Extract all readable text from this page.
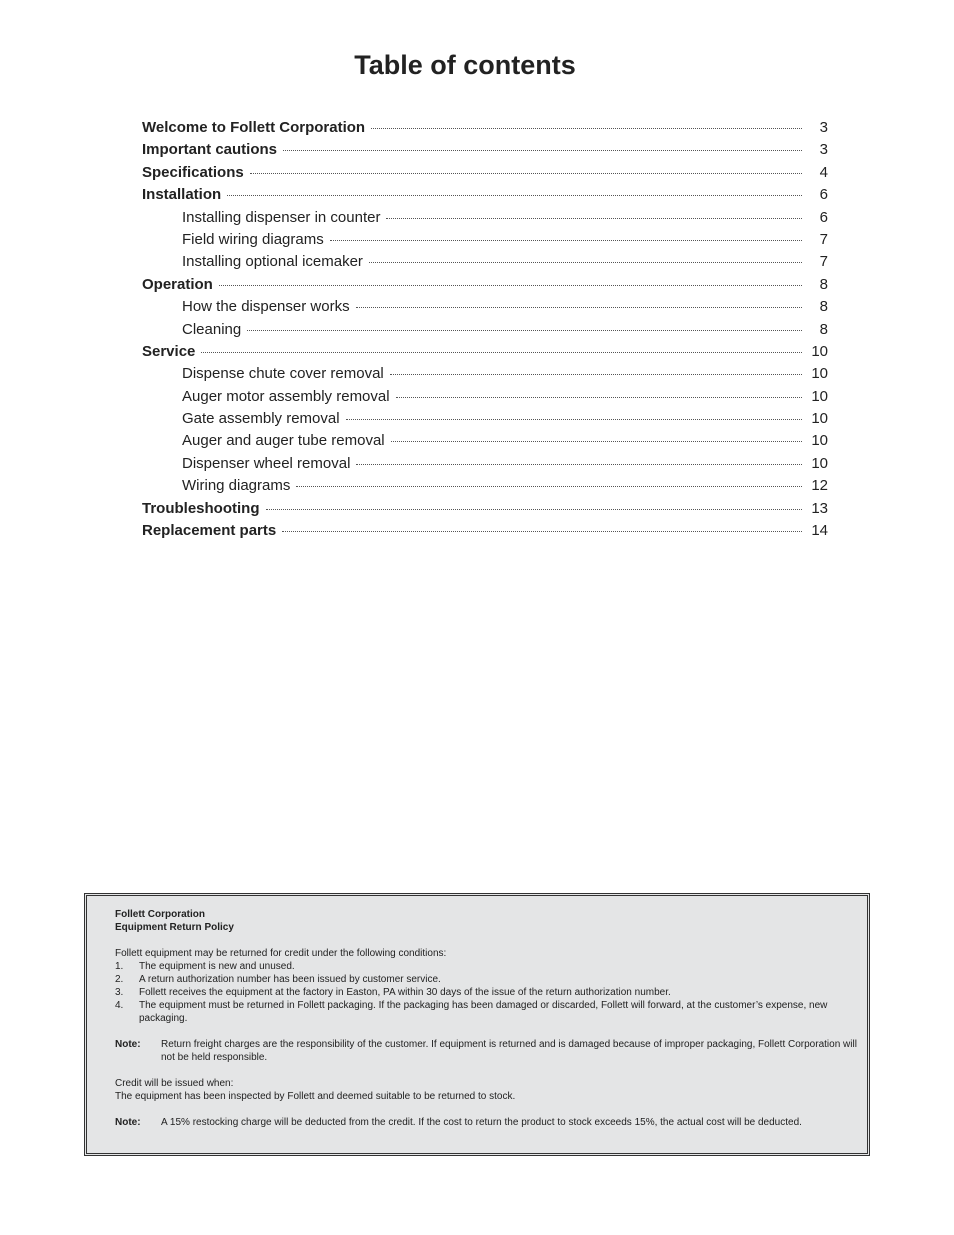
Table of contents
Welcome to Follett Corporation	3
Important cautions	3
Specifications	4
Installation	6
Installing dispenser in counter	6
Field wiring diagrams	7
Installing optional icemaker	7
Operation	8
How the dispenser works	8
Cleaning	8
Service	10
Dispense chute cover removal	10
Auger motor assembly removal	10
Gate assembly removal	10
Auger and auger tube removal	10
Dispenser wheel removal	10
Wiring diagrams	12
Troubleshooting	13
Replacement parts	14
Follett Corporation
Equipment Return Policy
Follett equipment may be returned for credit under the following conditions:
1.	The equipment is new and unused.
2.	A return authorization number has been issued by customer service.
3.	Follett receives the equipment at the factory in Easton, PA within 30 days of the issue of the return authorization number.
4.	The equipment must be returned in Follett packaging. If the packaging has been damaged or discarded, Follett will forward, at the customer’s expense, new packaging.
Note:	Return freight charges are the responsibility of the customer. If equipment is returned and is damaged because of improper packaging, Follett Corporation will not be held responsible.
Credit will be issued when:
The equipment has been inspected by Follett and deemed suitable to be returned to stock.
Note:	A 15% restocking charge will be deducted from the credit. If the cost to return the product to stock exceeds 15%, the actual cost will be deducted.
